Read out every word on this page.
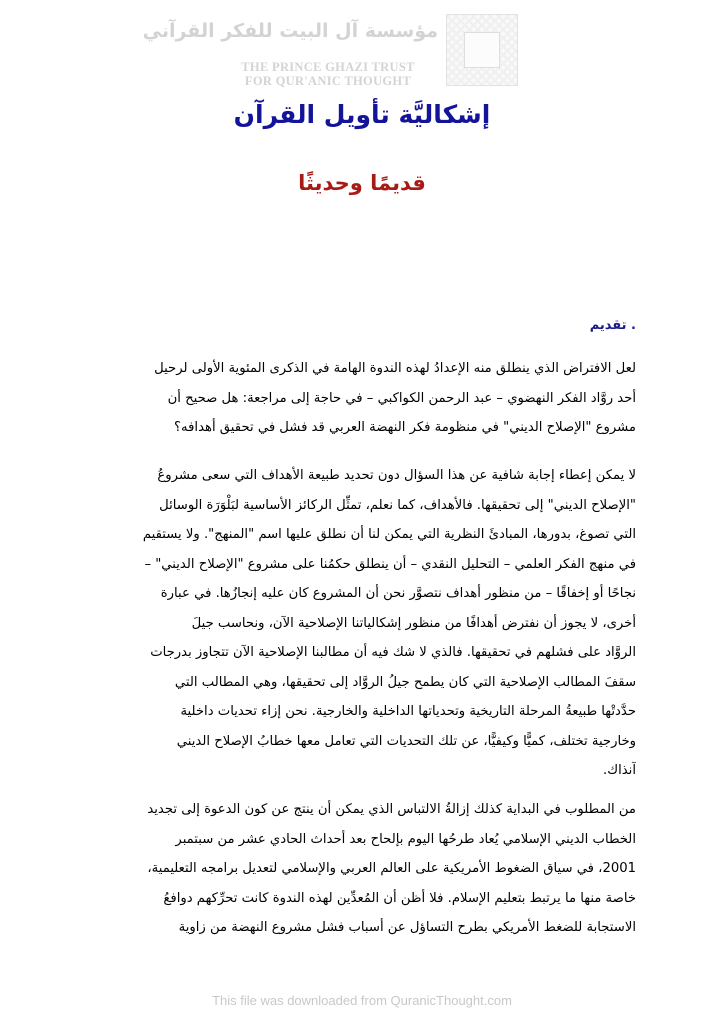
مؤسسة آل البيت للفكر القرآني
THE PRINCE GHAZI TRUST
FOR QUR'ANIC THOUGHT
إشكاليَّة تأويل القرآن
قديمًا وحديثًا
. تقديم
لعل الافتراض الذي ينطلق منه الإعدادُ لهذه الندوة الهامة في الذكرى المئوية الأولى لرحيل
أحد روَّاد الفكر النهضوي – عبد الرحمن الكواكبي – في حاجة إلى مراجعة: هل صحيح أن
مشروع "الإصلاح الديني" في منظومة فكر النهضة العربي قد فشل في تحقيق أهدافه؟
لا يمكن إعطاء إجابة شافية عن هذا السؤال دون تحديد طبيعة الأهداف التي سعى مشروعُ
"الإصلاح الديني" إلى تحقيقها. فالأهداف، كما نعلم، تمثِّل الركائز الأساسية لبَلْوَرَة الوسائل
التي تصوغ، بدورها، المبادئَ النظرية التي يمكن لنا أن نطلق عليها اسم "المنهج". ولا يستقيم
في منهج الفكر العلمي – التحليل النقدي – أن ينطلق حكمُنا على مشروع "الإصلاح الديني" –
نجاحًا أو إخفاقًا – من منظور أهداف نتصوَّر نحن أن المشروع كان عليه إنجازُها. في عبارة
أخرى، لا يجوز أن نفترض أهدافًا من منظور إشكالياتنا الإصلاحية الآن، ونحاسب جيلَ
الروَّاد على فشلهم في تحقيقها. فالذي لا شك فيه أن مطالبنا الإصلاحية الآن تتجاوز بدرجات
سقفَ المطالب الإصلاحية التي كان يطمح جيلُ الروَّاد إلى تحقيقها، وهي المطالب التي
حدَّدتْها طبيعةُ المرحلة التاريخية وتحدياتها الداخلية والخارجية. نحن إزاء تحديات داخلية
وخارجية تختلف، كميًّا وكيفيًّا، عن تلك التحديات التي تعامل معها خطابُ الإصلاح الديني
آنذاك.
من المطلوب في البداية كذلك إزالةُ الالتباس الذي يمكن أن ينتج عن كون الدعوة إلى تجديد
الخطاب الديني الإسلامي يُعاد طرحُها اليوم بإلحاح بعد أحداث الحادي عشر من سبتمبر
2001، في سياق الضغوط الأمريكية على العالم العربي والإسلامي لتعديل برامجه التعليمية،
خاصة منها ما يرتبط بتعليم الإسلام. فلا أظن أن المُعدِّين لهذه الندوة كانت تحرِّكهم دوافعُ
الاستجابة للضغط الأمريكي بطرح التساؤل عن أسباب فشل مشروع النهضة من زاوية
This file was downloaded from QuranicThought.com
